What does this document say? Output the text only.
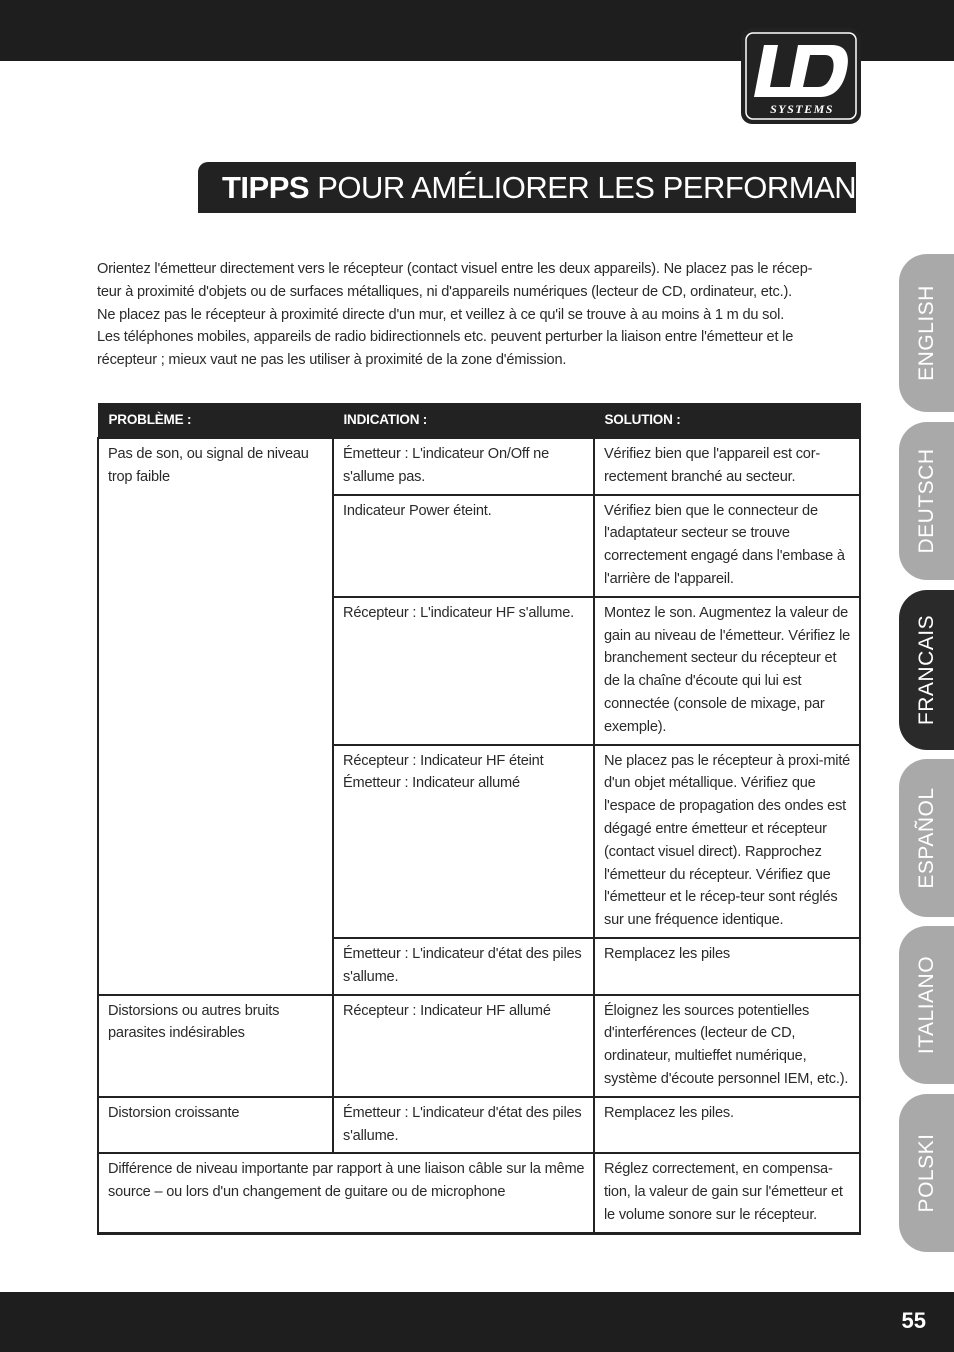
SYSTEMS
TIPPS POUR AMÉLIORER LES PERFORMANCES :

Orientez l'émetteur directement vers le récepteur (contact visuel entre les deux appareils). Ne placez pas le récep-

teur à proximité d'objets ou de surfaces métalliques, ni d'appareils numériques (lecteur de CD, ordinateur, etc.).

Ne placez pas le récepteur à proximité directe d'un mur, et veillez à ce qu'il se trouve à au moins à 1 m du sol.

Les téléphones mobiles, appareils de radio bidirectionnels etc. peuvent perturber la liaison entre l'émetteur et le

récepteur ; mieux vaut ne pas les utiliser à proximité de la zone d'émission.

PROBLÈME :	INDICATION :	SOLUTION :
Pas de son, ou signal de niveau trop faible	Émetteur : L'indicateur On/Off ne s'allume pas.	Vérifiez bien que l'appareil est cor-rectement branché au secteur.
	Indicateur Power éteint.	Vérifiez bien que le connecteur de l'adaptateur secteur se trouve correctement engagé dans l'embase à l'arrière de l'appareil.
	Récepteur : L'indicateur HF s'allume.	Montez le son. Augmentez la valeur de gain au niveau de l'émetteur. Vérifiez le branchement secteur du récepteur et de la chaîne d'écoute qui lui est connectée (console de mixage, par exemple).

	Récepteur : Indicateur HF éteint
Émetteur : Indicateur allumé	Ne placez pas le récepteur à proxi-mité d'un objet métallique. Vérifiez que l'espace de propagation des ondes est dégagé entre émetteur et récepteur (contact visuel direct). Rapprochez l'émetteur du récepteur. Vérifiez que l'émetteur et le récep-teur sont réglés sur une fréquence identique.
	Émetteur : L'indicateur d'état des piles s'allume.	Remplacez les piles
Distorsions ou autres bruits parasites indésirables	Récepteur : Indicateur HF allumé	Éloignez les sources potentielles d'interférences (lecteur de CD, ordinateur, multieffet numérique, système d'écoute personnel IEM, etc.).
Distorsion croissante	Émetteur : L'indicateur d'état des piles s'allume.	Remplacez les piles.
Différence de niveau importante par rapport à une liaison câble sur la même source – ou lors d'un changement de guitare ou de microphone		Réglez correctement, en compensa-tion, la valeur de gain sur l'émetteur et le volume sonore sur le récepteur.
ENGLISH
DEUTSCH
FRANCAIS
ESPAÑOL
ITALIANO
POLSKI
55
